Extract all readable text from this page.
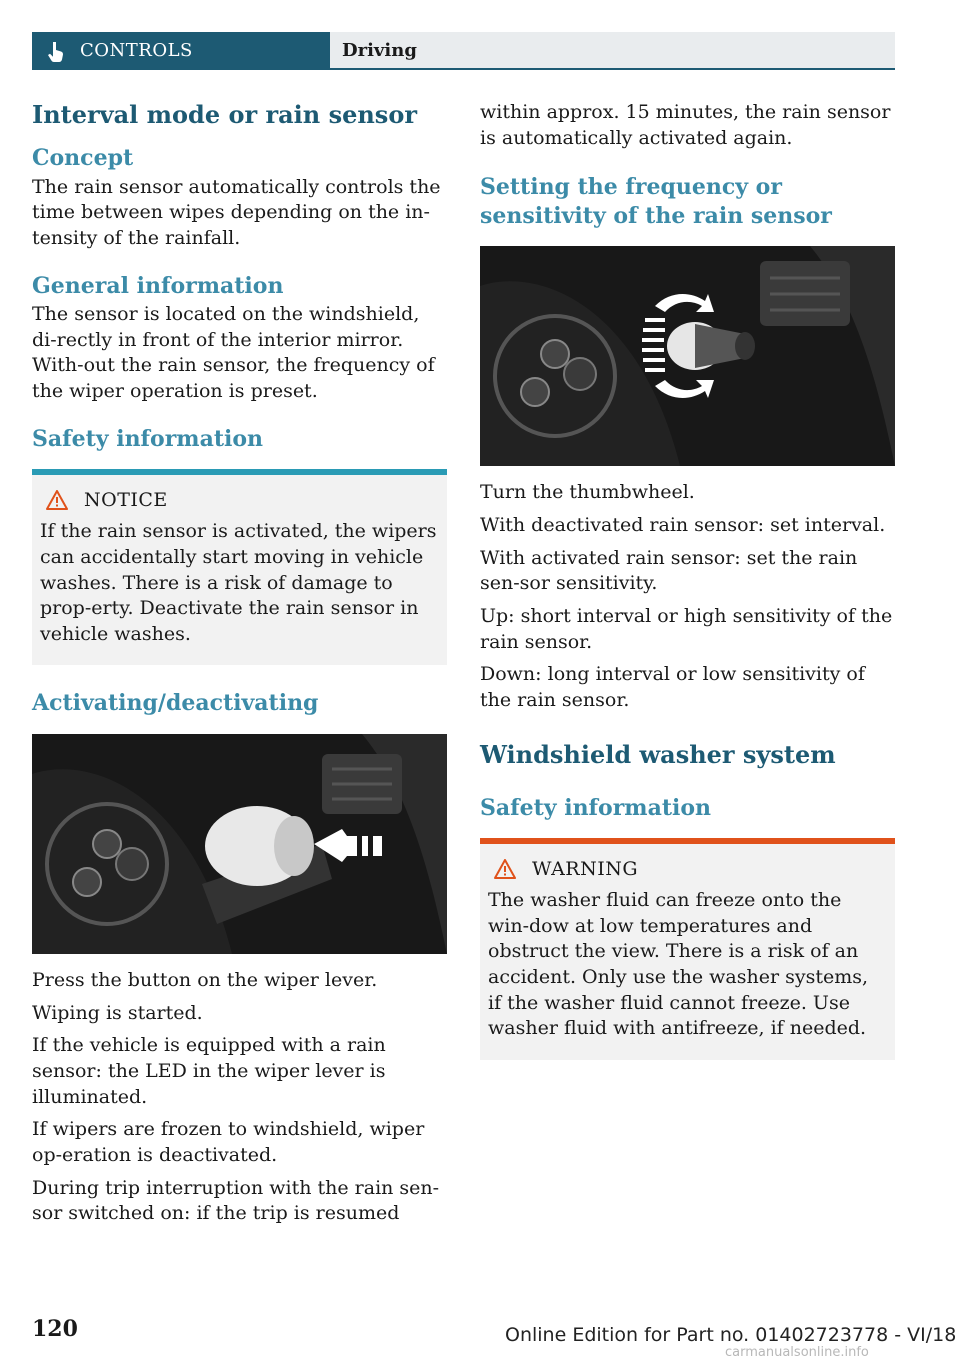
CONTROLS	Driving
Interval mode or rain sensor
Concept

The rain sensor automatically controls the time between wipes depending on the in-tensity of the rainfall.

General information

The sensor is located on the windshield, di-rectly in front of the interior mirror. With-out the rain sensor, the frequency of the wiper operation is preset.

Safety information
NOTICE

If the rain sensor is activated, the wipers can accidentally start moving in vehicle washes. There is a risk of damage to prop-erty. Deactivate the rain sensor in vehicle washes.

Activating/deactivating

Press the button on the wiper lever.

Wiping is started.

If the vehicle is equipped with a rain sensor: the LED in the wiper lever is illuminated.

If wipers are frozen to windshield, wiper op-eration is deactivated.

During trip interruption with the rain sen-sor switched on: if the trip is resumed

within approx. 15 minutes, the rain sensor is automatically activated again.

Setting the frequency or sensitivity of the rain sensor

Turn the thumbwheel.

With deactivated rain sensor: set interval.

With activated rain sensor: set the rain sen-sor sensitivity.

Up: short interval or high sensitivity of the rain sensor.

Down: long interval or low sensitivity of the rain sensor.

Windshield washer system
Safety information
WARNING

The washer fluid can freeze onto the win-dow at low temperatures and obstruct the view. There is a risk of an accident. Only use the washer systems, if the washer fluid cannot freeze. Use washer fluid with antifreeze, if needed.

120	Online Edition for Part no. 01402723778 - VI/18
carmanualsonline.info
